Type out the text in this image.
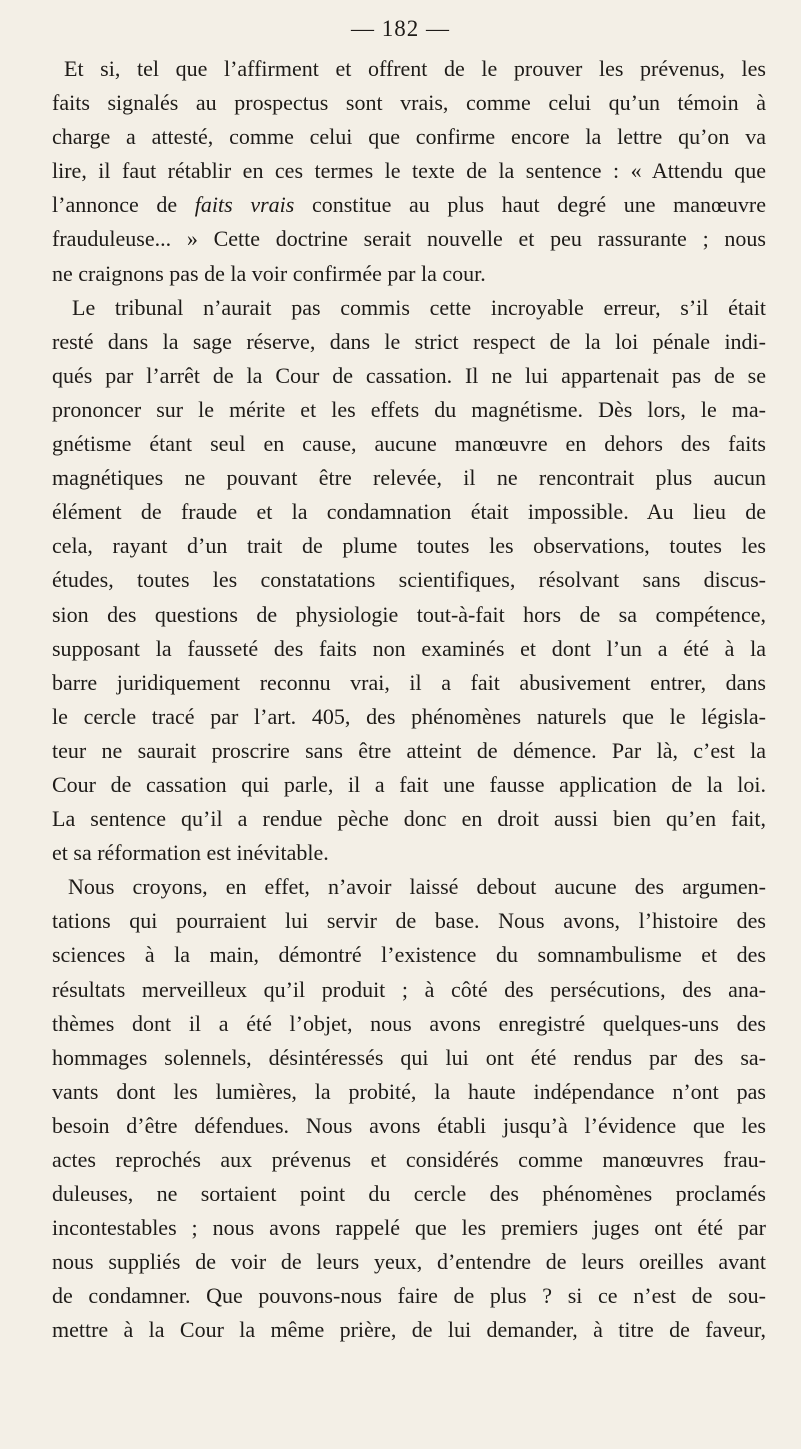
— 182 —
Et si, tel que l’affirment et offrent de le prouver les prévenus, les
faits signalés au prospectus sont vrais, comme celui qu’un témoin à
charge a attesté, comme celui que confirme encore la lettre qu’on va
lire, il faut rétablir en ces termes le texte de la sentence : « Attendu que
l’annonce de faits vrais constitue au plus haut degré une manœuvre
frauduleuse... » Cette doctrine serait nouvelle et peu rassurante ; nous
ne craignons pas de la voir confirmée par la cour.
Le tribunal n’aurait pas commis cette incroyable erreur, s’il était
resté dans la sage réserve, dans le strict respect de la loi pénale indi-
qués par l’arrêt de la Cour de cassation. Il ne lui appartenait pas de se
prononcer sur le mérite et les effets du magnétisme. Dès lors, le ma-
gnétisme étant seul en cause, aucune manœuvre en dehors des faits
magnétiques ne pouvant être relevée, il ne rencontrait plus aucun
élément de fraude et la condamnation était impossible. Au lieu de
cela, rayant d’un trait de plume toutes les observations, toutes les
études, toutes les constatations scientifiques, résolvant sans discus-
sion des questions de physiologie tout-à-fait hors de sa compétence,
supposant la fausseté des faits non examinés et dont l’un a été à la
barre juridiquement reconnu vrai, il a fait abusivement entrer, dans
le cercle tracé par l’art. 405, des phénomènes naturels que le législa-
teur ne saurait proscrire sans être atteint de démence. Par là, c’est la
Cour de cassation qui parle, il a fait une fausse application de la loi.
La sentence qu’il a rendue pèche donc en droit aussi bien qu’en fait,
et sa réformation est inévitable.
Nous croyons, en effet, n’avoir laissé debout aucune des argumen-
tations qui pourraient lui servir de base. Nous avons, l’histoire des
sciences à la main, démontré l’existence du somnambulisme et des
résultats merveilleux qu’il produit ; à côté des persécutions, des ana-
thèmes dont il a été l’objet, nous avons enregistré quelques-uns des
hommages solennels, désintéressés qui lui ont été rendus par des sa-
vants dont les lumières, la probité, la haute indépendance n’ont pas
besoin d’être défendues. Nous avons établi jusqu’à l’évidence que les
actes reprochés aux prévenus et considérés comme manœuvres frau-
duleuses, ne sortaient point du cercle des phénomènes proclamés
incontestables ; nous avons rappelé que les premiers juges ont été par
nous suppliés de voir de leurs yeux, d’entendre de leurs oreilles avant
de condamner. Que pouvons-nous faire de plus ? si ce n’est de sou-
mettre à la Cour la même prière, de lui demander, à titre de faveur,
